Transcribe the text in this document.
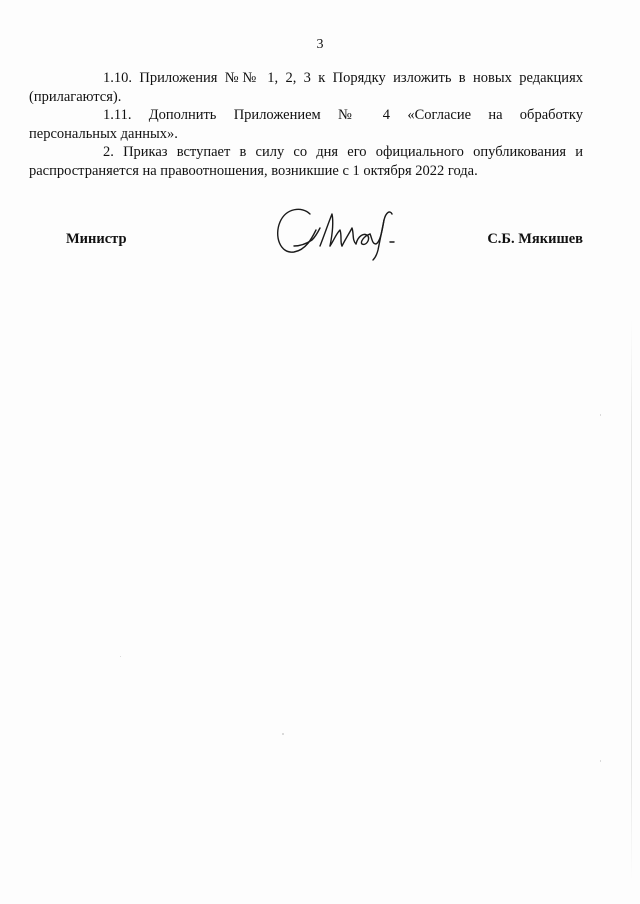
3
1.10. Приложения №№ 1, 2, 3 к Порядку изложить в новых редакциях
(прилагаются).
1.11. Дополнить Приложением № 4 «Согласие на обработку
персональных данных».
2. Приказ вступает в силу со дня его официального опубликования и
распространяется на правоотношения, возникшие с 1 октября 2022 года.
Министр	С.Б. Мякишев
